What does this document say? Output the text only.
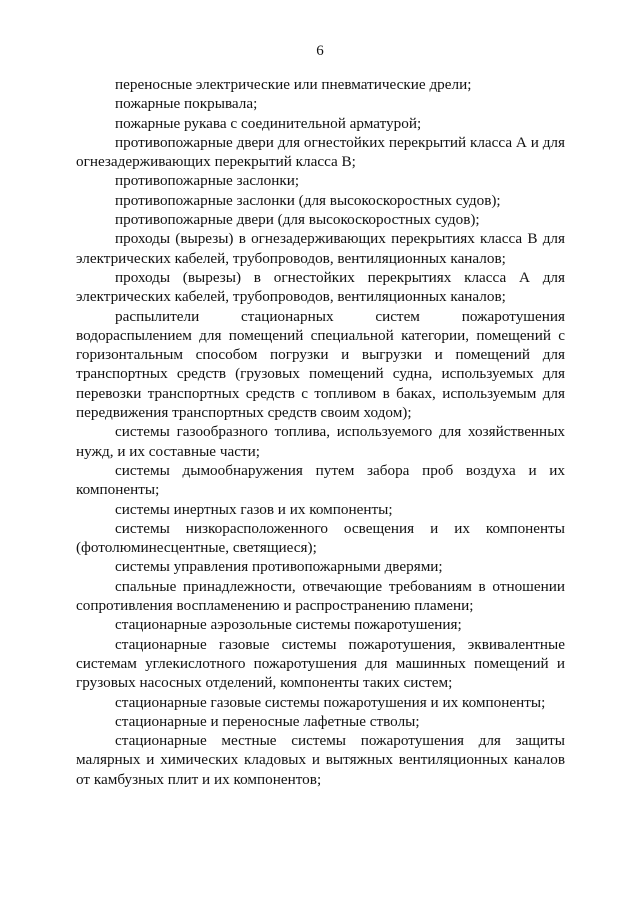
6

переносные электрические или пневматические дрели;

пожарные покрывала;

пожарные рукава с соединительной арматурой;

противопожарные двери для огнестойких перекрытий класса А и для огнезадерживающих перекрытий класса В;

противопожарные заслонки;

противопожарные заслонки (для высокоскоростных судов);

противопожарные двери (для высокоскоростных судов);

проходы (вырезы) в огнезадерживающих перекрытиях класса В для электрических кабелей, трубопроводов, вентиляционных каналов;

проходы (вырезы) в огнестойких перекрытиях класса А для электрических кабелей, трубопроводов, вентиляционных каналов;

распылители стационарных систем пожаротушения водораспылением для помещений специальной категории, помещений с горизонтальным способом погрузки и выгрузки и помещений для транспортных средств (грузовых помещений судна, используемых для перевозки транспортных средств с топливом в баках, используемым для передвижения транспортных средств своим ходом);

системы газообразного топлива, используемого для хозяйственных нужд, и их составные части;

системы дымообнаружения путем забора проб воздуха и их компоненты;

системы инертных газов и их компоненты;

системы низкорасположенного освещения и их компоненты (фотолюминесцентные, светящиеся);

системы управления противопожарными дверями;

спальные принадлежности, отвечающие требованиям в отношении сопротивления воспламенению и распространению пламени;

стационарные аэрозольные системы пожаротушения;

стационарные газовые системы пожаротушения, эквивалентные системам углекислотного пожаротушения для машинных помещений и грузовых насосных отделений, компоненты таких систем;

стационарные газовые системы пожаротушения и их компоненты;

стационарные и переносные лафетные стволы;

стационарные местные системы пожаротушения для защиты малярных и химических кладовых и вытяжных вентиляционных каналов от камбузных плит и их компонентов;
